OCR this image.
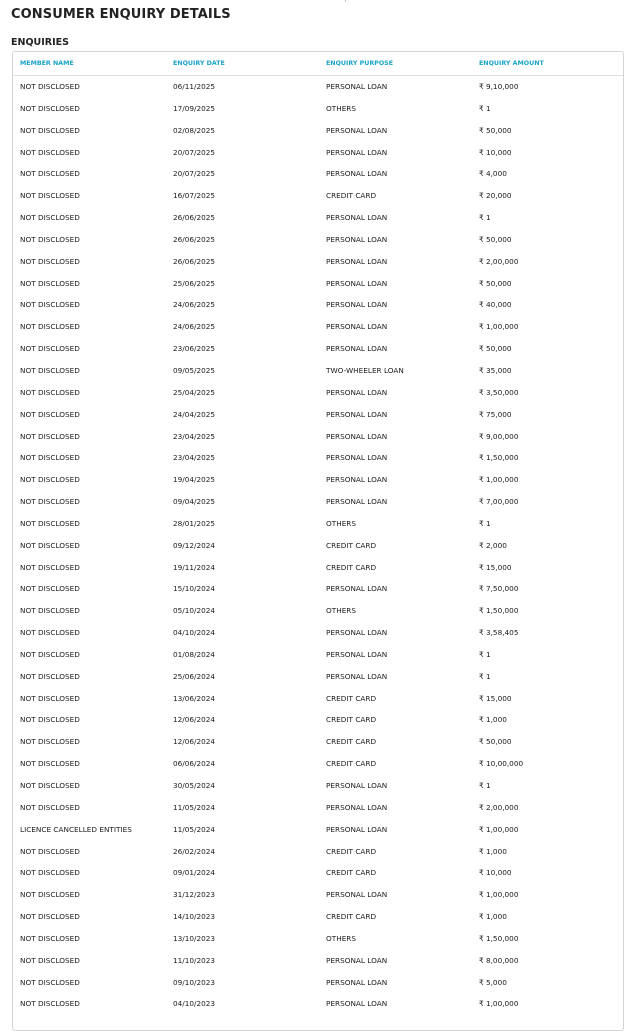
CONSUMER ENQUIRY DETAILS
ENQUIRIES
MEMBER NAME	ENQUIRY DATE	ENQUIRY PURPOSE	ENQUIRY AMOUNT
NOT DISCLOSED	06/11/2025	PERSONAL LOAN	₹ 9,10,000
NOT DISCLOSED	17/09/2025	OTHERS	₹ 1
NOT DISCLOSED	02/08/2025	PERSONAL LOAN	₹ 50,000
NOT DISCLOSED	20/07/2025	PERSONAL LOAN	₹ 10,000
NOT DISCLOSED	20/07/2025	PERSONAL LOAN	₹ 4,000
NOT DISCLOSED	16/07/2025	CREDIT CARD	₹ 20,000
NOT DISCLOSED	26/06/2025	PERSONAL LOAN	₹ 1
NOT DISCLOSED	26/06/2025	PERSONAL LOAN	₹ 50,000
NOT DISCLOSED	26/06/2025	PERSONAL LOAN	₹ 2,00,000
NOT DISCLOSED	25/06/2025	PERSONAL LOAN	₹ 50,000
NOT DISCLOSED	24/06/2025	PERSONAL LOAN	₹ 40,000
NOT DISCLOSED	24/06/2025	PERSONAL LOAN	₹ 1,00,000
NOT DISCLOSED	23/06/2025	PERSONAL LOAN	₹ 50,000
NOT DISCLOSED	09/05/2025	TWO-WHEELER LOAN	₹ 35,000
NOT DISCLOSED	25/04/2025	PERSONAL LOAN	₹ 3,50,000
NOT DISCLOSED	24/04/2025	PERSONAL LOAN	₹ 75,000
NOT DISCLOSED	23/04/2025	PERSONAL LOAN	₹ 9,00,000
NOT DISCLOSED	23/04/2025	PERSONAL LOAN	₹ 1,50,000
NOT DISCLOSED	19/04/2025	PERSONAL LOAN	₹ 1,00,000
NOT DISCLOSED	09/04/2025	PERSONAL LOAN	₹ 7,00,000
NOT DISCLOSED	28/01/2025	OTHERS	₹ 1
NOT DISCLOSED	09/12/2024	CREDIT CARD	₹ 2,000
NOT DISCLOSED	19/11/2024	CREDIT CARD	₹ 15,000
NOT DISCLOSED	15/10/2024	PERSONAL LOAN	₹ 7,50,000
NOT DISCLOSED	05/10/2024	OTHERS	₹ 1,50,000
NOT DISCLOSED	04/10/2024	PERSONAL LOAN	₹ 3,58,405
NOT DISCLOSED	01/08/2024	PERSONAL LOAN	₹ 1
NOT DISCLOSED	25/06/2024	PERSONAL LOAN	₹ 1
NOT DISCLOSED	13/06/2024	CREDIT CARD	₹ 15,000
NOT DISCLOSED	12/06/2024	CREDIT CARD	₹ 1,000
NOT DISCLOSED	12/06/2024	CREDIT CARD	₹ 50,000
NOT DISCLOSED	06/06/2024	CREDIT CARD	₹ 10,00,000
NOT DISCLOSED	30/05/2024	PERSONAL LOAN	₹ 1
NOT DISCLOSED	11/05/2024	PERSONAL LOAN	₹ 2,00,000
LICENCE CANCELLED ENTITIES	11/05/2024	PERSONAL LOAN	₹ 1,00,000
NOT DISCLOSED	26/02/2024	CREDIT CARD	₹ 1,000
NOT DISCLOSED	09/01/2024	CREDIT CARD	₹ 10,000
NOT DISCLOSED	31/12/2023	PERSONAL LOAN	₹ 1,00,000
NOT DISCLOSED	14/10/2023	CREDIT CARD	₹ 1,000
NOT DISCLOSED	13/10/2023	OTHERS	₹ 1,50,000
NOT DISCLOSED	11/10/2023	PERSONAL LOAN	₹ 8,00,000
NOT DISCLOSED	09/10/2023	PERSONAL LOAN	₹ 5,000
NOT DISCLOSED	04/10/2023	PERSONAL LOAN	₹ 1,00,000
